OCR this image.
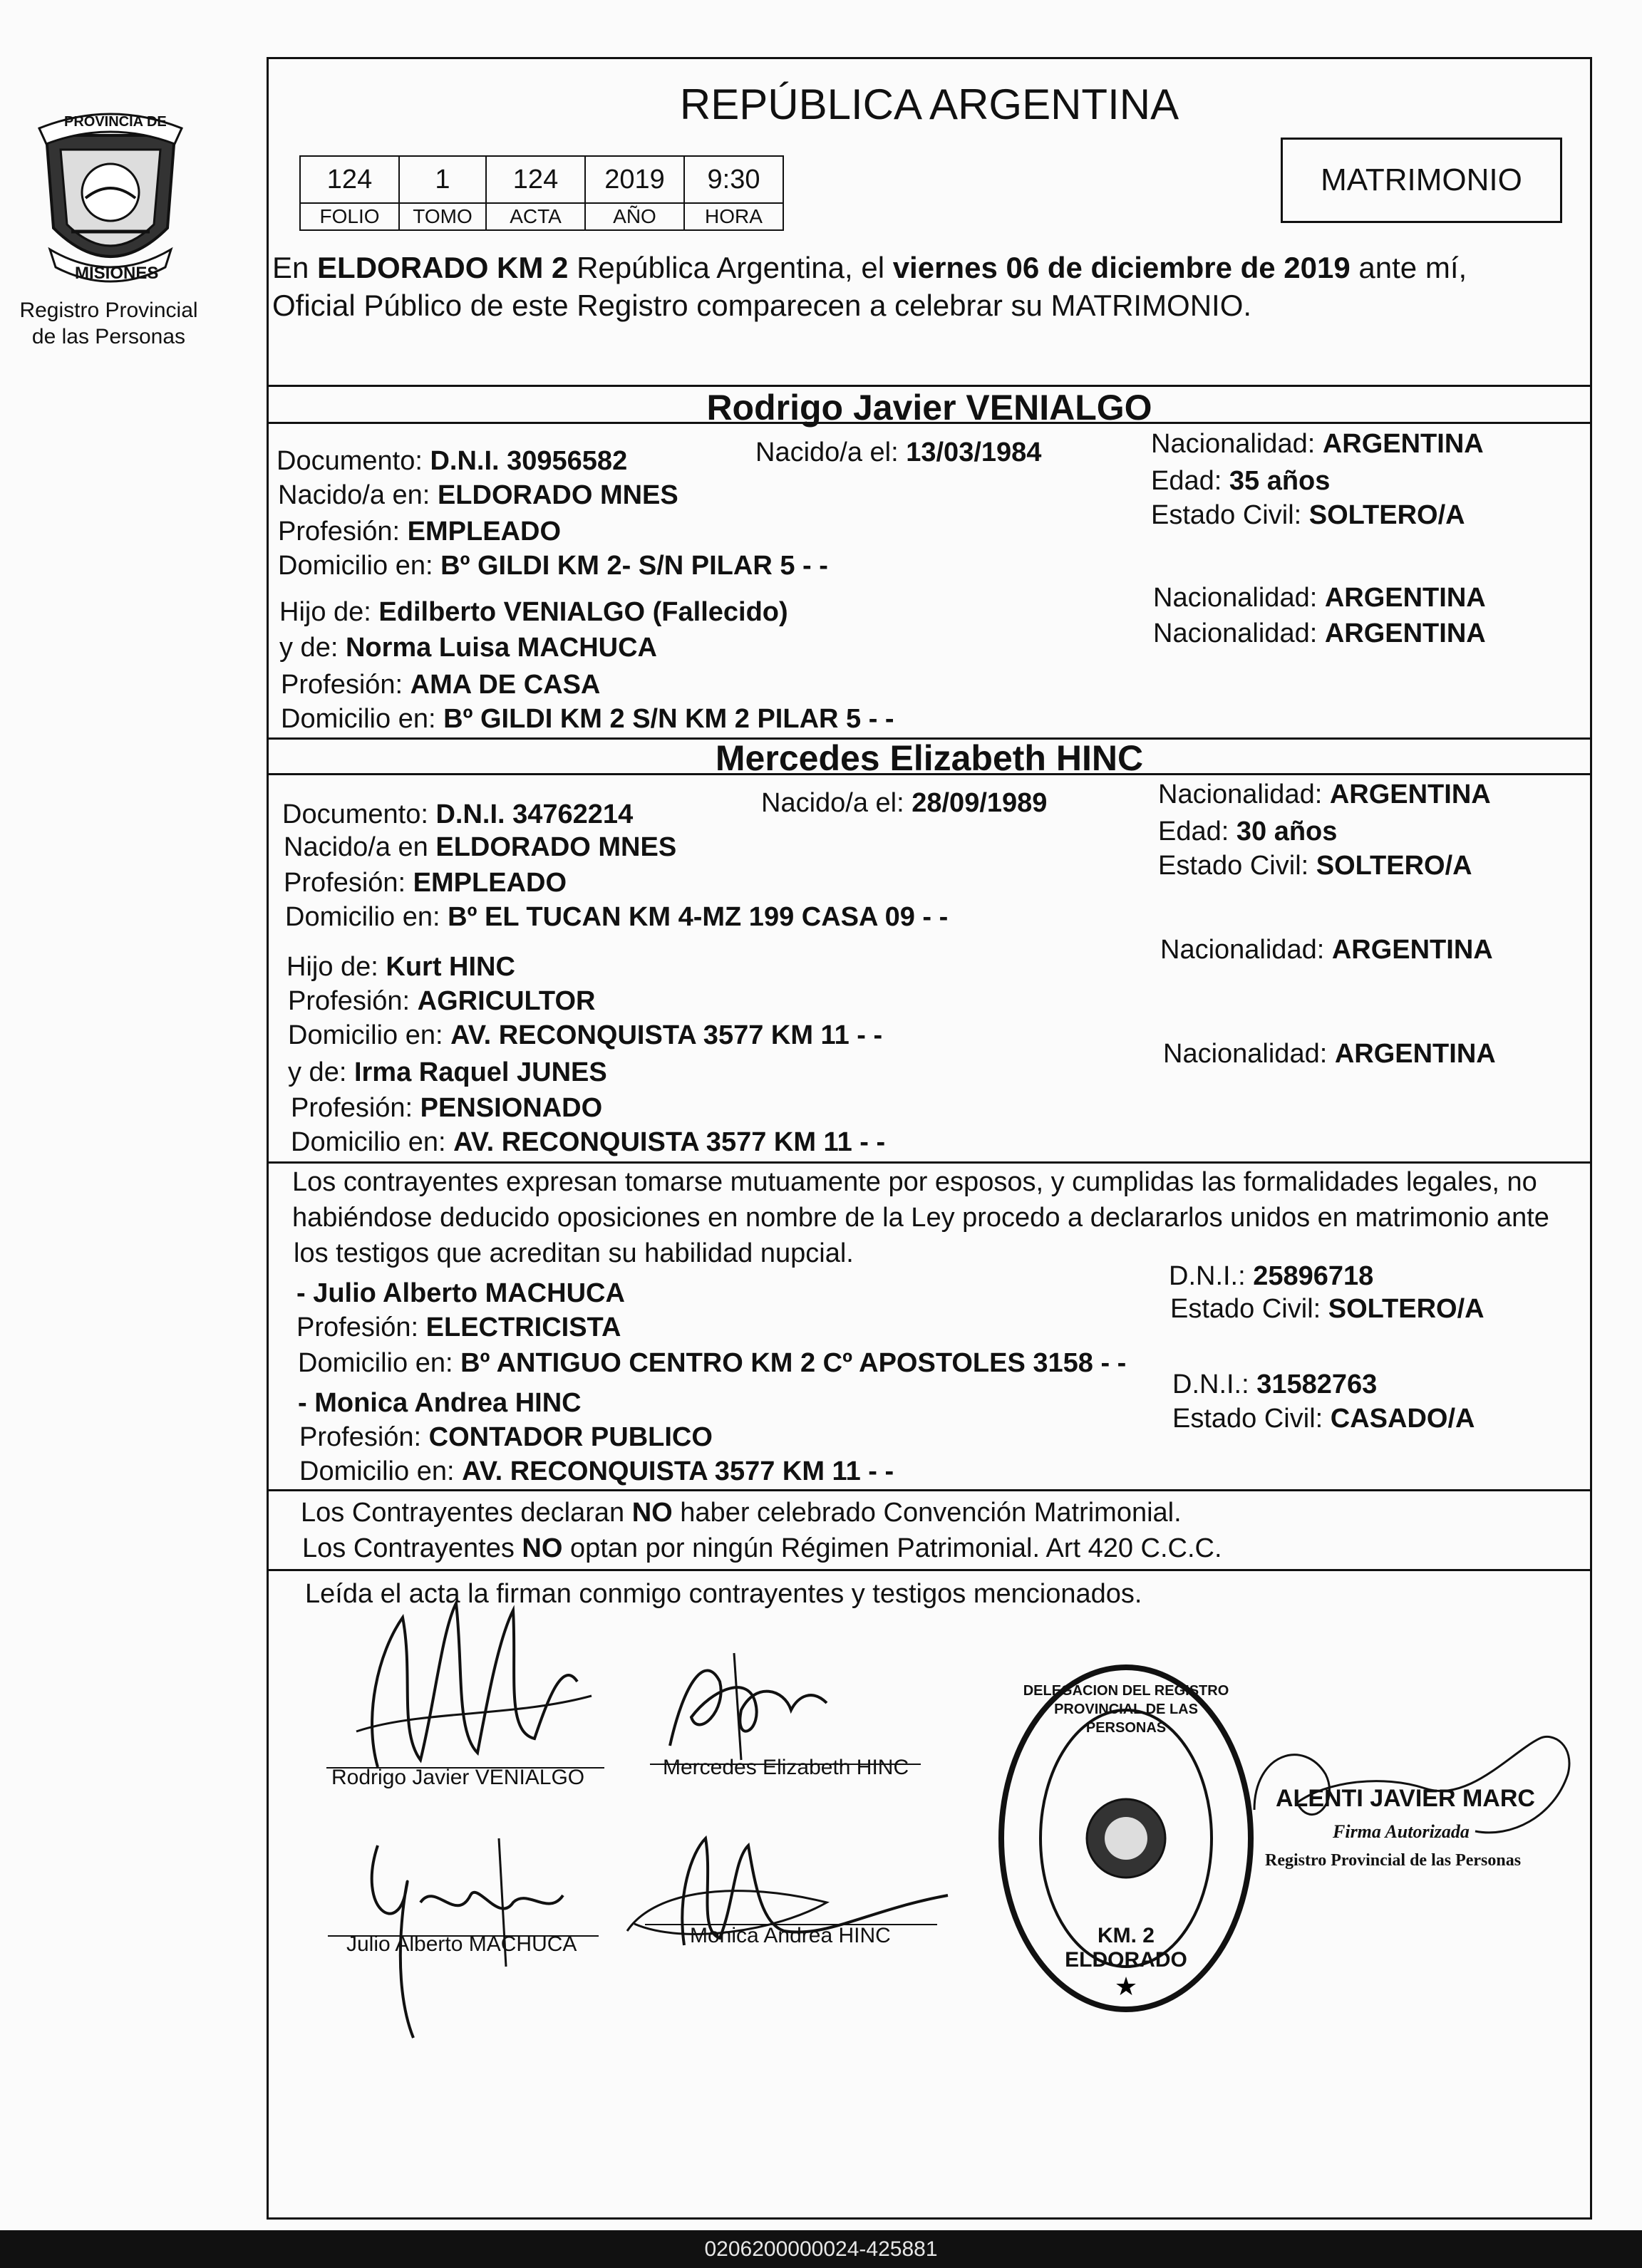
PROVINCIA DE
MISIONES
Registro Provincial
de las Personas
REPÚBLICA ARGENTINA
124	1	124	2019	9:30
FOLIO	TOMO	ACTA	AÑO	HORA
MATRIMONIO
En ELDORADO KM 2 República Argentina, el viernes 06 de diciembre de 2019 ante mí,
Oficial Público de este Registro comparecen a celebrar su MATRIMONIO.
Rodrigo Javier VENIALGO
Documento: D.N.I. 30956582	Nacido/a el: 13/03/1984	Nacionalidad: ARGENTINA
Nacido/a en: ELDORADO MNES	Edad: 35 años
Profesión: EMPLEADO
Estado Civil: SOLTERO/A
Domicilio en: Bº GILDI KM 2- S/N PILAR 5 - -
Hijo de: Edilberto VENIALGO (Fallecido)	Nacionalidad: ARGENTINA
y de: Norma Luisa MACHUCA	Nacionalidad: ARGENTINA
Profesión: AMA DE CASA
Domicilio en: Bº GILDI KM 2 S/N KM 2 PILAR 5 - -
Mercedes Elizabeth HINC
Documento: D.N.I. 34762214	Nacido/a el: 28/09/1989	Nacionalidad: ARGENTINA
Nacido/a en ELDORADO MNES
Edad: 30 años
Profesión: EMPLEADO
Estado Civil: SOLTERO/A
Domicilio en: Bº EL TUCAN KM 4-MZ 199 CASA 09 - -
Hijo de: Kurt HINC
Nacionalidad: ARGENTINA
Profesión: AGRICULTOR
Domicilio en: AV. RECONQUISTA 3577 KM 11 - -
y de: Irma Raquel JUNES
Nacionalidad: ARGENTINA
Profesión: PENSIONADO
Domicilio en: AV. RECONQUISTA 3577 KM 11 - -
Los contrayentes expresan tomarse mutuamente por esposos, y cumplidas las formalidades legales, no
habiéndose deducido oposiciones en nombre de la Ley procedo a declararlos unidos en matrimonio ante
los testigos que acreditan su habilidad nupcial.
- Julio Alberto MACHUCA
D.N.I.: 25896718
Profesión: ELECTRICISTA
Estado Civil: SOLTERO/A
Domicilio en: Bº ANTIGUO CENTRO KM 2 Cº APOSTOLES 3158 - -
- Monica Andrea HINC
D.N.I.: 31582763
Profesión: CONTADOR PUBLICO
Estado Civil: CASADO/A
Domicilio en: AV. RECONQUISTA 3577 KM 11 - -
Los Contrayentes declaran NO haber celebrado Convención Matrimonial.
Los Contrayentes NO optan por ningún Régimen Patrimonial. Art 420 C.C.C.
Leída el acta la firman conmigo contrayentes y testigos mencionados.
Rodrigo Javier VENIALGO	Mercedes Elizabeth HINC
Julio Alberto MACHUCA	Monica Andrea HINC
★
DELEGACION DEL REGISTRO PROVINCIAL DE LAS PERSONAS
KM. 2 ELDORADO
ALENTI JAVIER MARC
Firma Autorizada
Registro Provincial de las Personas
0206200000024-425881
